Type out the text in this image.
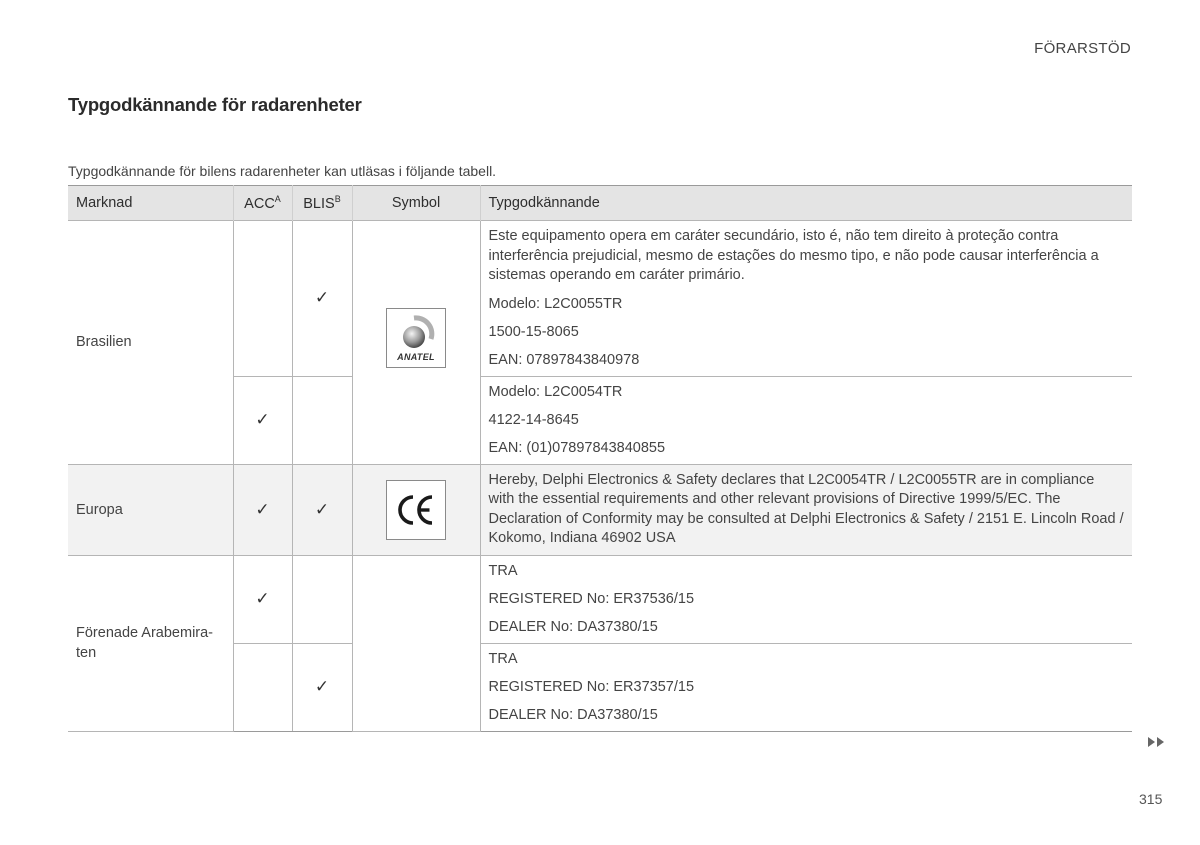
FÖRARSTÖD
Typgodkännande för radarenheter
Typgodkännande för bilens radarenheter kan utläsas i följande tabell.
Marknad	$ACC^A$	$BLIS^B$	Symbol	Typgodkännande
Brasilien		✓	ANATEL	Este equipamento opera em caráter secundário, isto é, não tem direito à proteção contra interferência prejudicial, mesmo de estações do mesmo tipo, e não pode causar interferência a sistemas operando em caráter primário.

Modelo: L2C0055TR

1500-15-8065

EAN: 07897843840978

	✓			Modelo: L2C0054TR

4122-14-8645

EAN: (01)07897843840855

Europa	✓	✓		Hereby, Delphi Electronics & Safety declares that L2C0054TR / L2C0055TR are in compliance with the essential requirements and other relevant provisions of Directive 1999/5/EC. The Declaration of Conformity may be consulted at Delphi Electronics & Safety / 2151 E. Lincoln Road / Kokomo, Indiana 46902 USA

Förenade Arabemira-ten	✓			TRA

REGISTERED No: ER37536/15

DEALER No: DA37380/15

		✓		TRA

REGISTERED No: ER37357/15

DEALER No: DA37380/15

315
